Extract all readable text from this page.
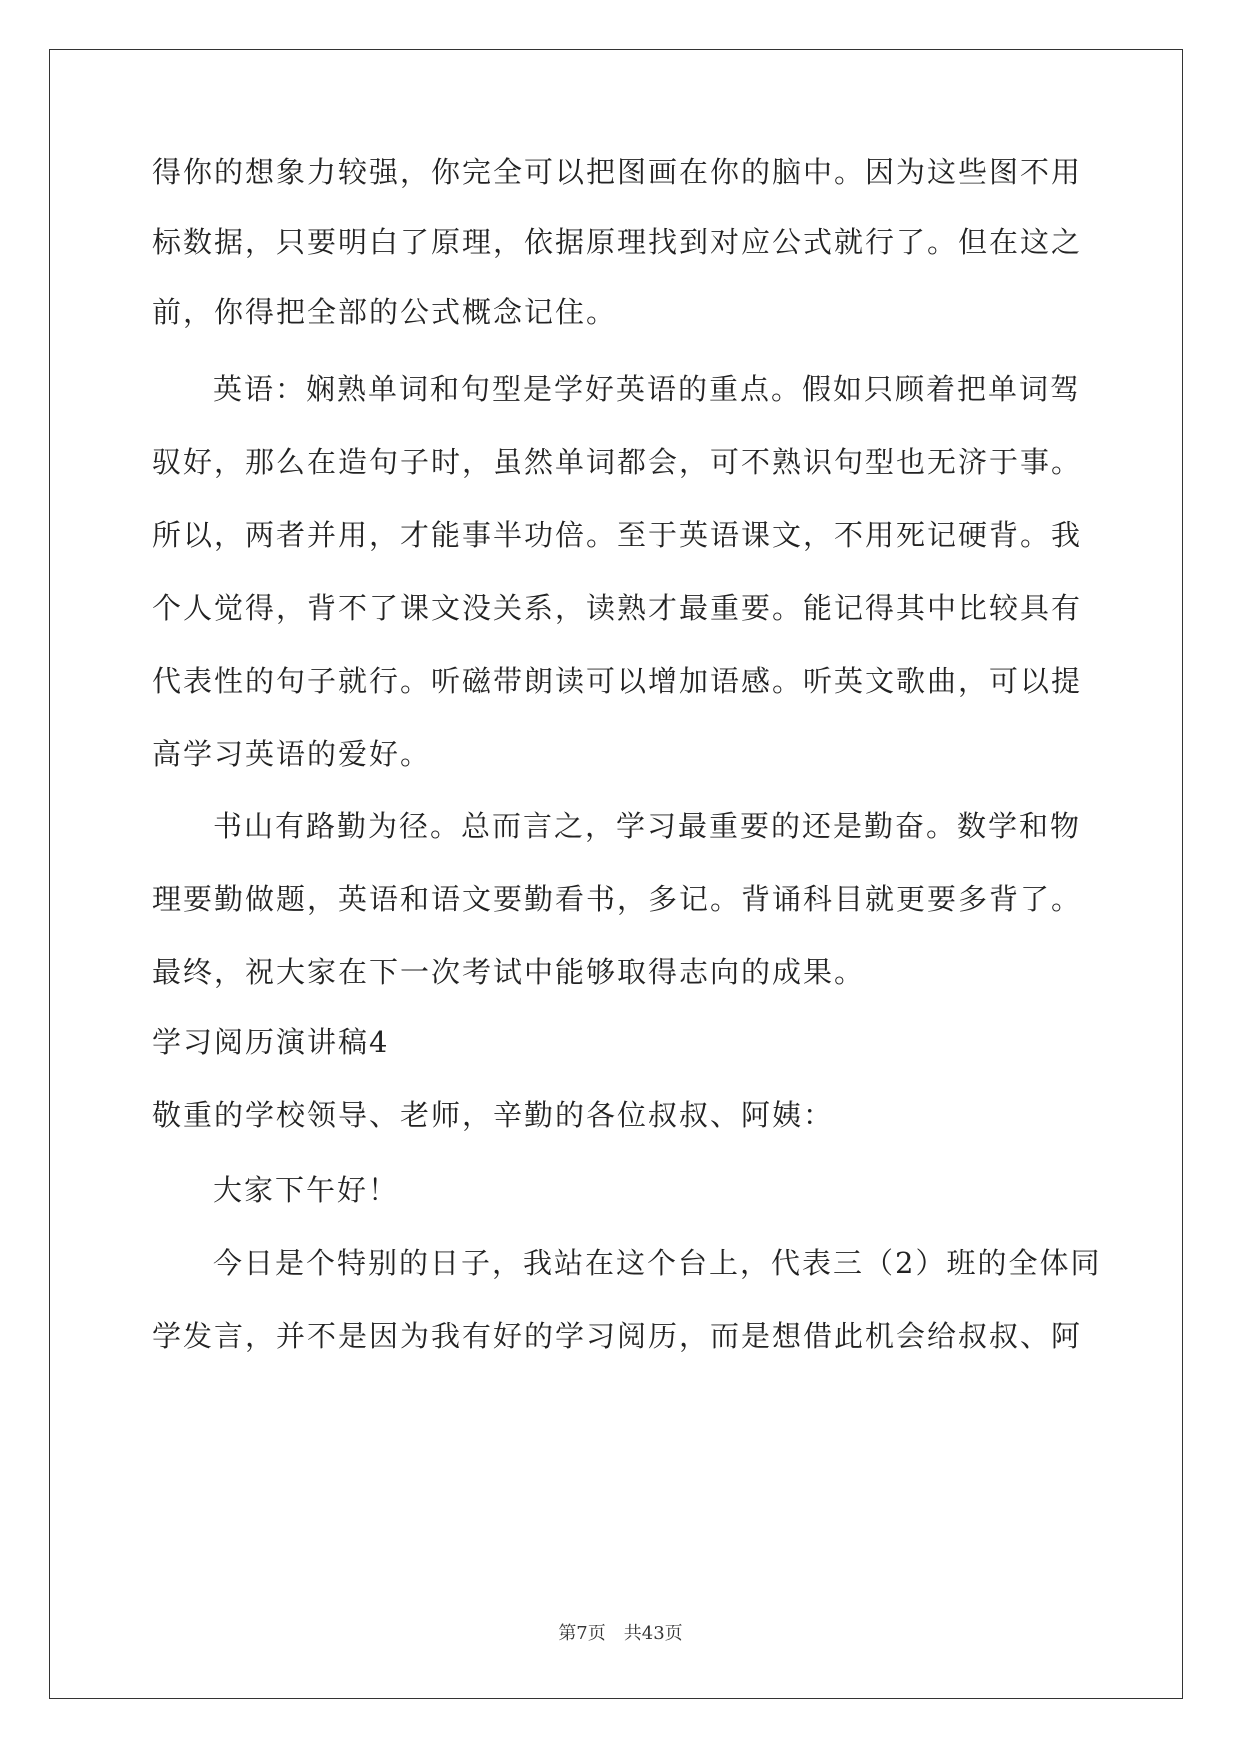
得你的想象力较强，你完全可以把图画在你的脑中。因为这些图不用
标数据，只要明白了原理，依据原理找到对应公式就行了。但在这之
前，你得把全部的公式概念记住。
英语：娴熟单词和句型是学好英语的重点。假如只顾着把单词驾
驭好，那么在造句子时，虽然单词都会，可不熟识句型也无济于事。
所以，两者并用，才能事半功倍。至于英语课文，不用死记硬背。我
个人觉得，背不了课文没关系，读熟才最重要。能记得其中比较具有
代表性的句子就行。听磁带朗读可以增加语感。听英文歌曲，可以提
高学习英语的爱好。
书山有路勤为径。总而言之，学习最重要的还是勤奋。数学和物
理要勤做题，英语和语文要勤看书，多记。背诵科目就更要多背了。
最终，祝大家在下一次考试中能够取得志向的成果。
学习阅历演讲稿4
敬重的学校领导、老师，辛勤的各位叔叔、阿姨：
大家下午好！
今日是个特别的日子，我站在这个台上，代表三（2）班的全体同
学发言，并不是因为我有好的学习阅历，而是想借此机会给叔叔、阿
第7页 共43页
